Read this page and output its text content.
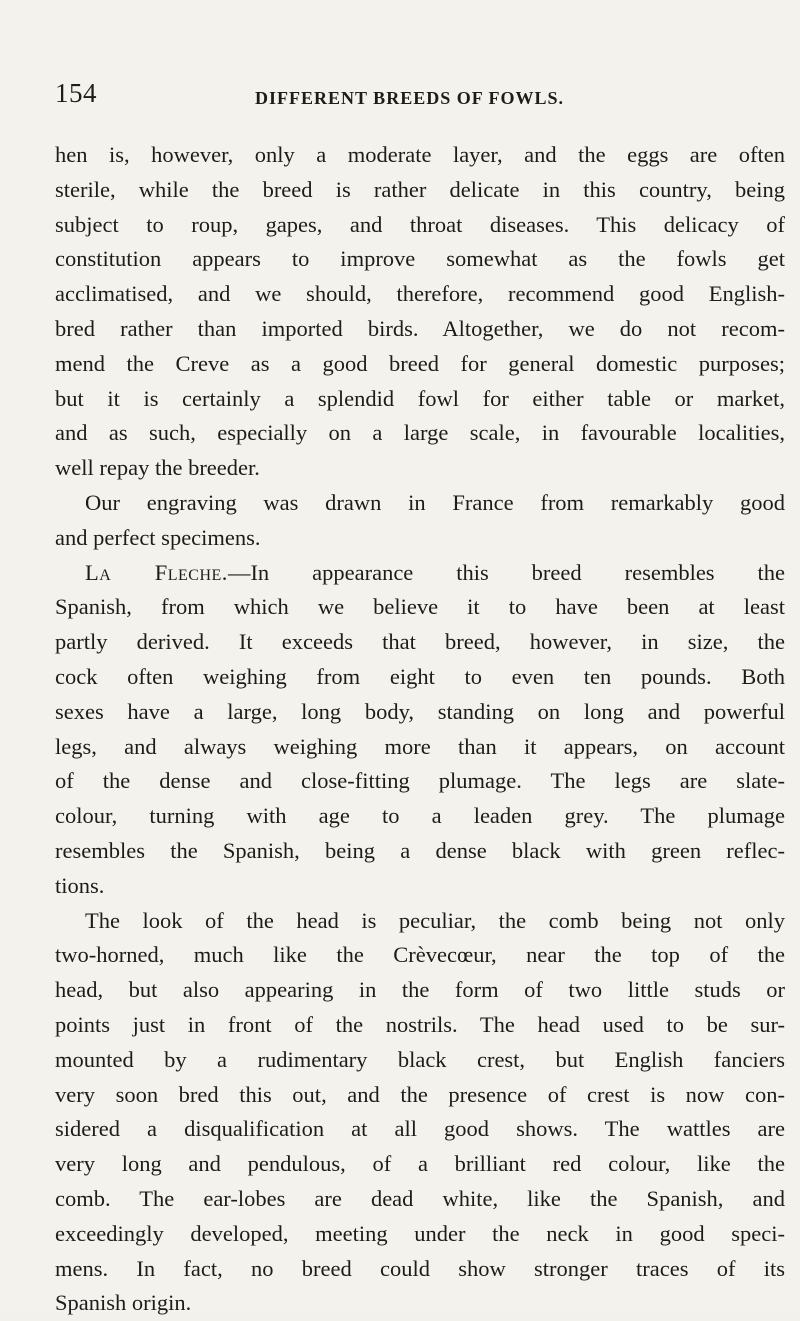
154	DIFFERENT BREEDS OF FOWLS.
hen is, however, only a moderate layer, and the eggs are often
sterile, while the breed is rather delicate in this country, being
subject to roup, gapes, and throat diseases. This delicacy of
constitution appears to improve somewhat as the fowls get
acclimatised, and we should, therefore, recommend good English-
bred rather than imported birds. Altogether, we do not recom-
mend the Creve as a good breed for general domestic purposes;
but it is certainly a splendid fowl for either table or market,
and as such, especially on a large scale, in favourable localities,
well repay the breeder.
Our engraving was drawn in France from remarkably good
and perfect specimens.
La Fleche.—In appearance this breed resembles the
Spanish, from which we believe it to have been at least
partly derived. It exceeds that breed, however, in size, the
cock often weighing from eight to even ten pounds. Both
sexes have a large, long body, standing on long and powerful
legs, and always weighing more than it appears, on account
of the dense and close-fitting plumage. The legs are slate-
colour, turning with age to a leaden grey. The plumage
resembles the Spanish, being a dense black with green reflec-
tions.
The look of the head is peculiar, the comb being not only
two-horned, much like the Crèvecœur, near the top of the
head, but also appearing in the form of two little studs or
points just in front of the nostrils. The head used to be sur-
mounted by a rudimentary black crest, but English fanciers
very soon bred this out, and the presence of crest is now con-
sidered a disqualification at all good shows. The wattles are
very long and pendulous, of a brilliant red colour, like the
comb. The ear-lobes are dead white, like the Spanish, and
exceedingly developed, meeting under the neck in good speci-
mens. In fact, no breed could show stronger traces of its
Spanish origin.
